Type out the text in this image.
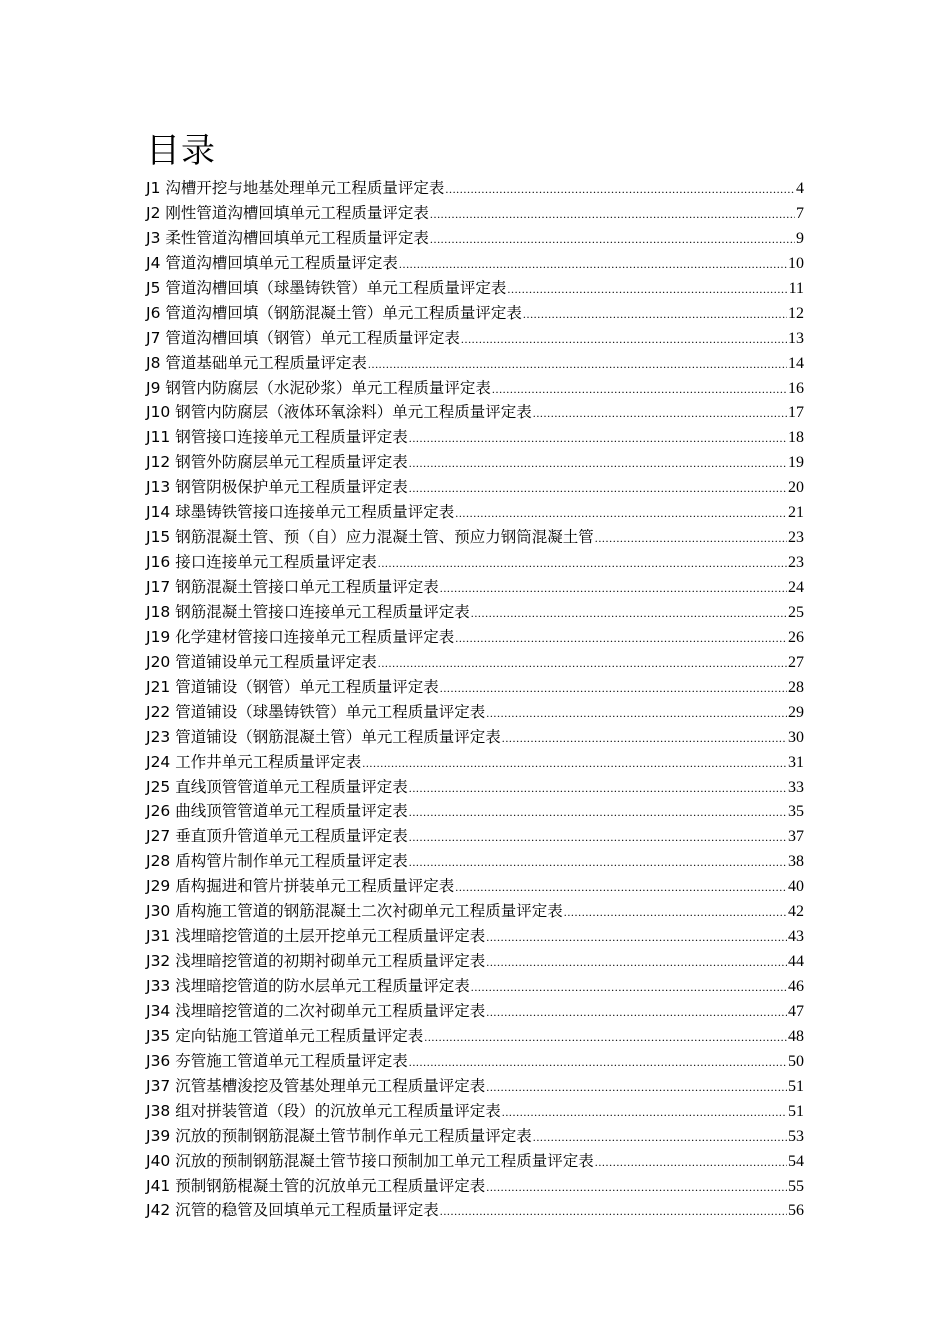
目录
J1 沟槽开挖与地基处理单元工程质量评定表 .....	4
J2 刚性管道沟槽回填单元工程质量评定表 .....	7
J3 柔性管道沟槽回填单元工程质量评定表 .....	9
J4 管道沟槽回填单元工程质量评定表 .....	10
J5 管道沟槽回填（球墨铸铁管）单元工程质量评定表 .....	11
J6 管道沟槽回填（钢筋混凝土管）单元工程质量评定表 .....	12
J7 管道沟槽回填（钢管）单元工程质量评定表 .....	13
J8 管道基础单元工程质量评定表 .....	14
J9 钢管内防腐层（水泥砂浆）单元工程质量评定表 .....	16
J10 钢管内防腐层（液体环氧涂料）单元工程质量评定表 .....	17
J11 钢管接口连接单元工程质量评定表 .....	18
J12 钢管外防腐层单元工程质量评定表 .....	19
J13 钢管阴极保护单元工程质量评定表 .....	20
J14 球墨铸铁管接口连接单元工程质量评定表 .....	21
J15 钢筋混凝土管、预（自）应力混凝土管、预应力钢筒混凝土管 .....	23
J16 接口连接单元工程质量评定表 .....	23
J17 钢筋混凝土管接口单元工程质量评定表 .....	24
J18 钢筋混凝土管接口连接单元工程质量评定表 .....	25
J19 化学建材管接口连接单元工程质量评定表 .....	26
J20 管道铺设单元工程质量评定表 .....	27
J21 管道铺设（钢管）单元工程质量评定表 .....	28
J22 管道铺设（球墨铸铁管）单元工程质量评定表 .....	29
J23 管道铺设（钢筋混凝土管）单元工程质量评定表 .....	30
J24 工作井单元工程质量评定表 .....	31
J25 直线顶管管道单元工程质量评定表 .....	33
J26 曲线顶管管道单元工程质量评定表 .....	35
J27 垂直顶升管道单元工程质量评定表 .....	37
J28 盾构管片制作单元工程质量评定表 .....	38
J29 盾构掘进和管片拼装单元工程质量评定表 .....	40
J30 盾构施工管道的钢筋混凝土二次衬砌单元工程质量评定表 .....	42
J31 浅埋暗挖管道的土层开挖单元工程质量评定表 .....	43
J32 浅埋暗挖管道的初期衬砌单元工程质量评定表 .....	44
J33 浅埋暗挖管道的防水层单元工程质量评定表 .....	46
J34 浅埋暗挖管道的二次衬砌单元工程质量评定表 .....	47
J35 定向钻施工管道单元工程质量评定表 .....	48
J36 夯管施工管道单元工程质量评定表 .....	50
J37 沉管基槽浚挖及管基处理单元工程质量评定表 .....	51
J38 组对拼装管道（段）的沉放单元工程质量评定表 .....	51
J39 沉放的预制钢筋混凝土管节制作单元工程质量评定表 .....	53
J40 沉放的预制钢筋混凝土管节接口预制加工单元工程质量评定表 .....	54
J41 预制钢筋棍凝土管的沉放单元工程质量评定表 .....	55
J42 沉管的稳管及回填单元工程质量评定表 .....	56
